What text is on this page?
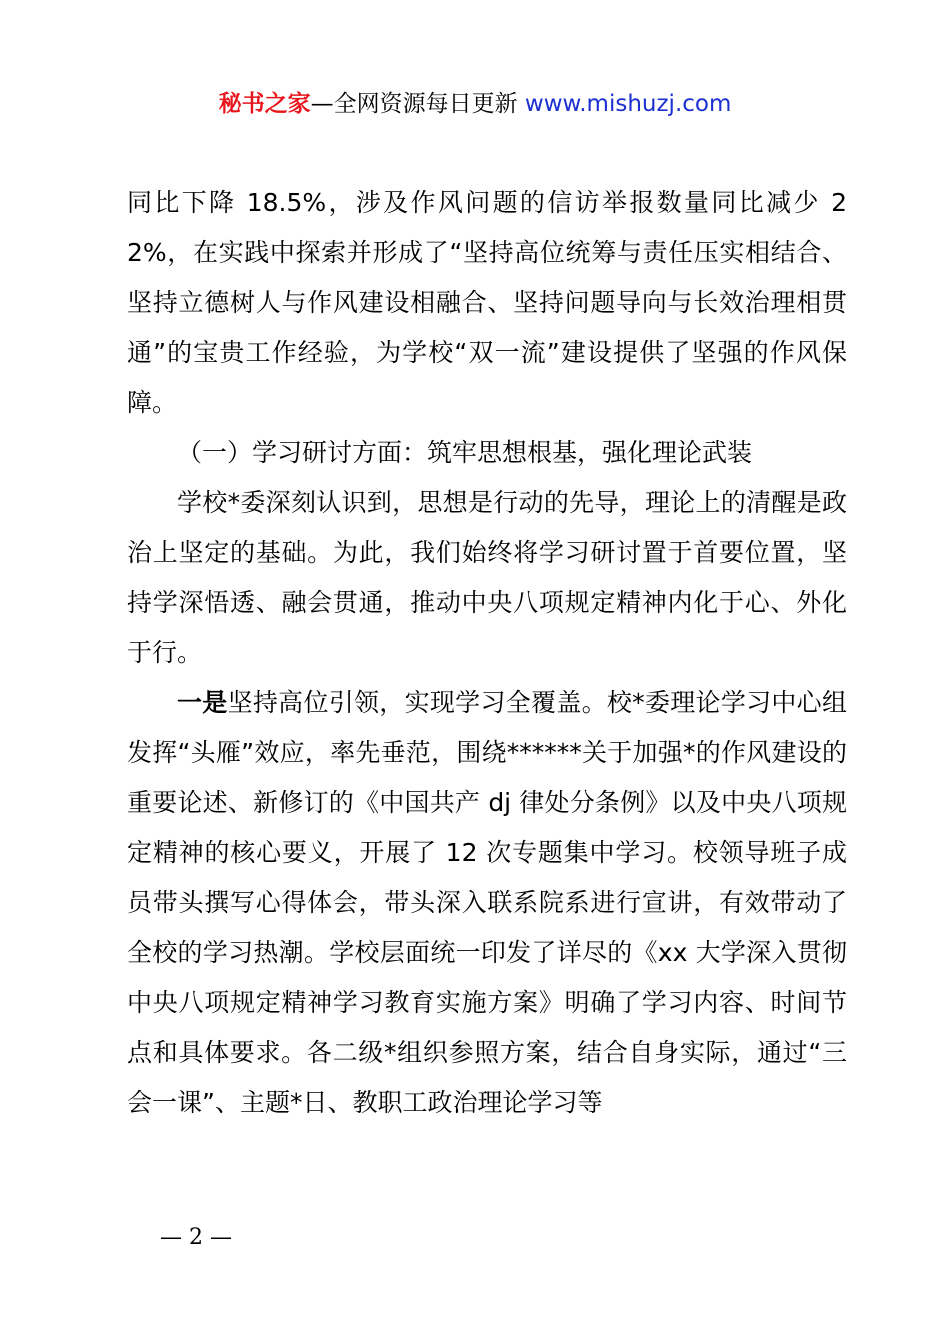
秘书之家—全网资源每日更新 www.mishuzj.com

同比下降 18.5%，涉及作风问题的信访举报数量同比减少 22%，在实践中探索并形成了“坚持高位统筹与责任压实相结合、坚持立德树人与作风建设相融合、坚持问题导向与长效治理相贯通”的宝贵工作经验，为学校“双一流”建设提供了坚强的作风保障。

（一）学习研讨方面：筑牢思想根基，强化理论武装

学校*委深刻认识到，思想是行动的先导，理论上的清醒是政治上坚定的基础。为此，我们始终将学习研讨置于首要位置，坚持学深悟透、融会贯通，推动中央八项规定精神内化于心、外化于行。

一是坚持高位引领，实现学习全覆盖。校*委理论学习中心组发挥“头雁”效应，率先垂范，围绕******关于加强*的作风建设的重要论述、新修订的《中国共产 dj 律处分条例》以及中央八项规定精神的核心要义，开展了 12 次专题集中学习。校领导班子成员带头撰写心得体会，带头深入联系院系进行宣讲，有效带动了全校的学习热潮。学校层面统一印发了详尽的《xx 大学深入贯彻中央八项规定精神学习教育实施方案》明确了学习内容、时间节点和具体要求。各二级*组织参照方案，结合自身实际，通过“三会一课”、主题*日、教职工政治理论学习等

— 2 —
